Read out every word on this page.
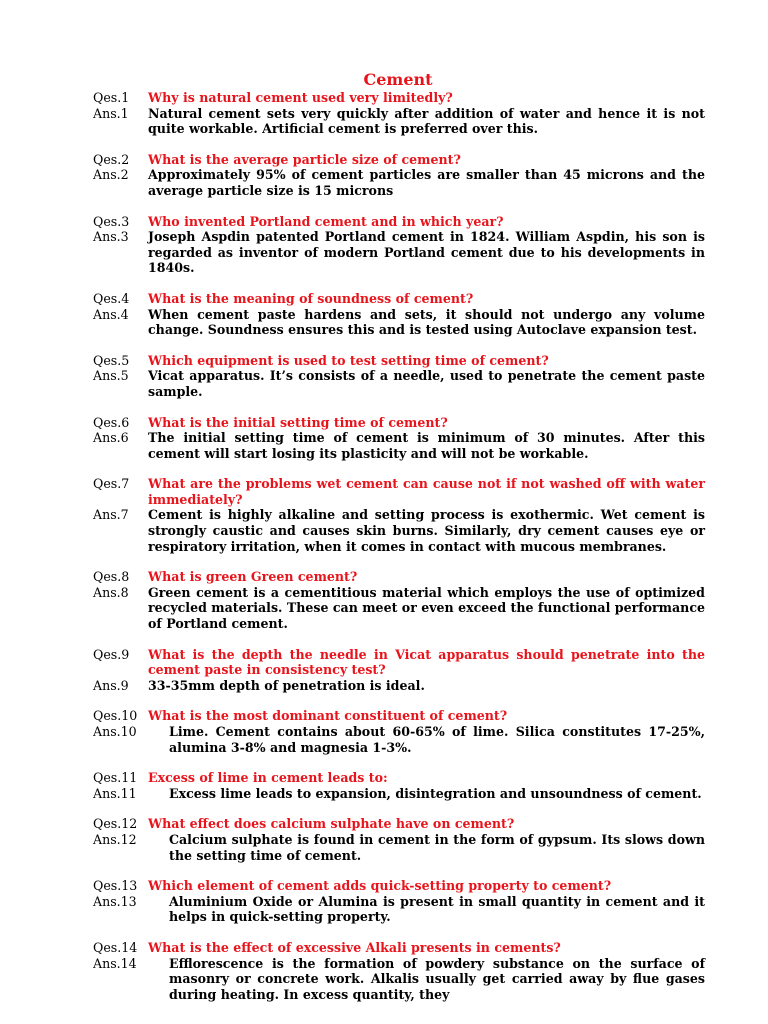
Cement
Qes.1	Why is natural cement used very limitedly?
Ans.1	Natural cement sets very quickly after addition of water and hence it is not quite workable. Artificial cement is preferred over this.
Qes.2	What is the average particle size of cement?
Ans.2	Approximately 95% of cement particles are smaller than 45 microns and the average particle size is 15 microns
Qes.3	Who invented Portland cement and in which year?
Ans.3	Joseph Aspdin patented Portland cement in 1824. William Aspdin, his son is regarded as inventor of modern Portland cement due to his developments in 1840s.
Qes.4	What is the meaning of soundness of cement?
Ans.4	When cement paste hardens and sets, it should not undergo any volume change. Soundness ensures this and is tested using Autoclave expansion test.
Qes.5	Which equipment is used to test setting time of cement?
Ans.5	Vicat apparatus. It’s consists of a needle, used to penetrate the cement paste sample.
Qes.6	What is the initial setting time of cement?
Ans.6	The initial setting time of cement is minimum of 30 minutes. After this cement will start losing its plasticity and will not be workable.
Qes.7	What are the problems wet cement can cause not if not washed off with water immediately?
Ans.7	Cement is highly alkaline and setting process is exothermic. Wet cement is strongly caustic and causes skin burns. Similarly, dry cement causes eye or respiratory irritation, when it comes in contact with mucous membranes.
Qes.8	What is green Green cement?
Ans.8	Green cement is a cementitious material which employs the use of optimized recycled materials. These can meet or even exceed the functional performance of Portland cement.
Qes.9	What is the depth the needle in Vicat apparatus should penetrate into the cement paste in consistency test?
Ans.9	33-35mm depth of penetration is ideal.
Qes.10 What is the most dominant constituent of cement?
Ans.10	Lime. Cement contains about 60-65% of lime. Silica constitutes 17-25%, alumina 3-8% and magnesia 1-3%.
Qes.11 Excess of lime in cement leads to:
Ans.11	Excess lime leads to expansion, disintegration and unsoundness of cement.
Qes.12 What effect does calcium sulphate have on cement?
Ans.12	Calcium sulphate is found in cement in the form of gypsum. Its slows down the setting time of cement.
Qes.13 Which element of cement adds quick-setting property to cement?
Ans.13	Aluminium Oxide or Alumina is present in small quantity in cement and it helps in quick-setting property.
Qes.14 What is the effect of excessive Alkali presents in cements?
Ans.14	Efflorescence is the formation of powdery substance on the surface of masonry or concrete work. Alkalis usually get carried away by flue gases during heating. In excess quantity, they
